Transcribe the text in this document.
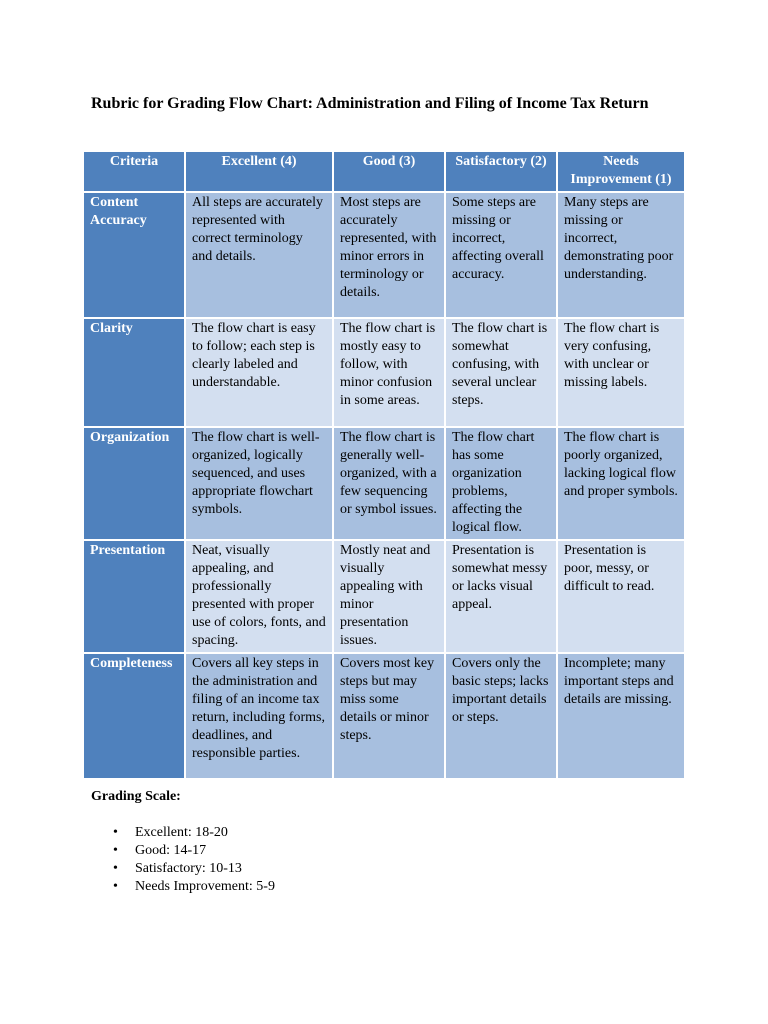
Rubric for Grading Flow Chart: Administration and Filing of Income Tax Return
Criteria	Excellent (4)	Good (3)	Satisfactory (2)	Needs Improvement (1)
Content Accuracy	All steps are accurately represented with correct terminology and details.	Most steps are accurately represented, with minor errors in terminology or details.	Some steps are missing or incorrect, affecting overall accuracy.	Many steps are missing or incorrect, demonstrating poor understanding.
Clarity	The flow chart is easy to follow; each step is clearly labeled and understandable.	The flow chart is mostly easy to follow, with minor confusion in some areas.	The flow chart is somewhat confusing, with several unclear steps.	The flow chart is very confusing, with unclear or missing labels.
Organization	The flow chart is well-organized, logically sequenced, and uses appropriate flowchart symbols.	The flow chart is generally well-organized, with a few sequencing or symbol issues.	The flow chart has some organization problems, affecting the logical flow.	The flow chart is poorly organized, lacking logical flow and proper symbols.
Presentation	Neat, visually appealing, and professionally presented with proper use of colors, fonts, and spacing.	Mostly neat and visually appealing with minor presentation issues.	Presentation is somewhat messy or lacks visual appeal.	Presentation is poor, messy, or difficult to read.
Completeness	Covers all key steps in the administration and filing of an income tax return, including forms, deadlines, and responsible parties.	Covers most key steps but may miss some details or minor steps.	Covers only the basic steps; lacks important details or steps.	Incomplete; many important steps and details are missing.
Grading Scale:
• Excellent: 18-20
• Good: 14-17
• Satisfactory: 10-13
• Needs Improvement: 5-9
